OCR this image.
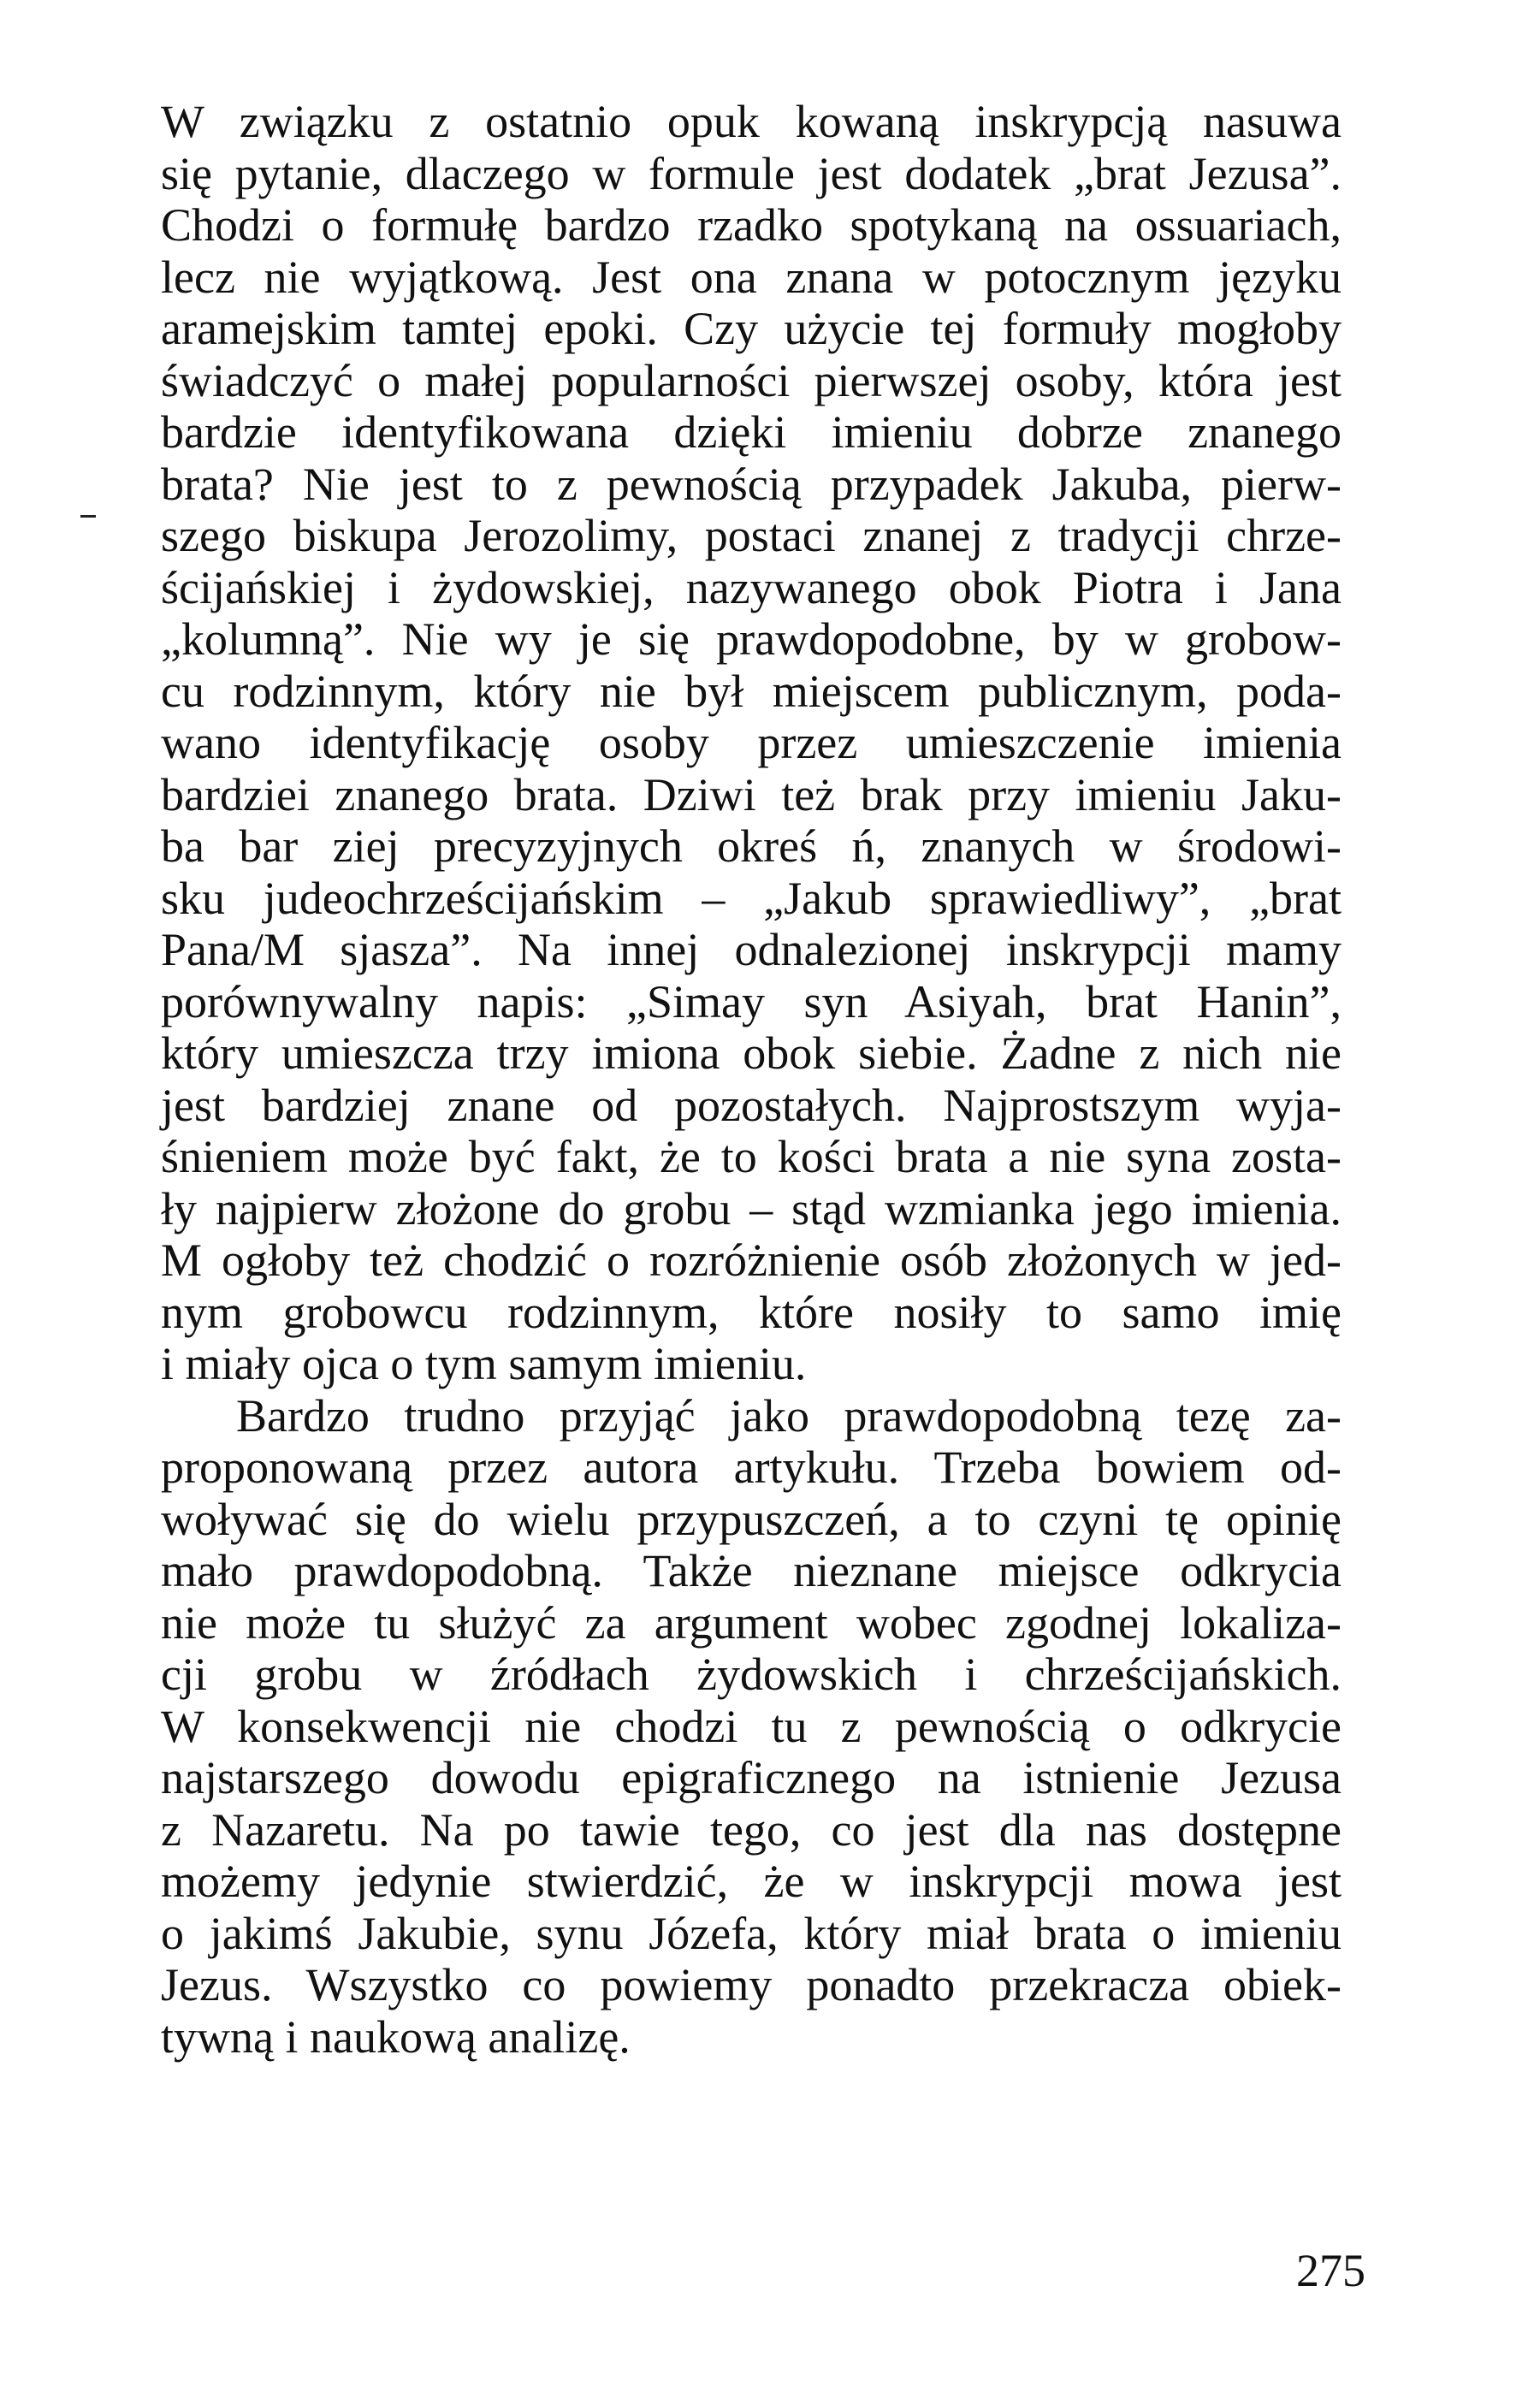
W związku z ostatnio opuk kowaną inskrypcją nasuwa
się pytanie, dlaczego w formule jest dodatek „brat Jezusa”.
Chodzi o formułę bardzo rzadko spotykaną na ossuariach,
lecz nie wyjątkową. Jest ona znana w potocznym języku
aramejskim tamtej epoki. Czy użycie tej formuły mogłoby
świadczyć o małej popularności pierwszej osoby, która jest
bardzie identyfikowana dzięki imieniu dobrze znanego
brata? Nie jest to z pewnością przypadek Jakuba, pierw-
szego biskupa Jerozolimy, postaci znanej z tradycji chrze-
ścijańskiej i żydowskiej, nazywanego obok Piotra i Jana
„kolumną”. Nie wy je się prawdopodobne, by w grobow-
cu rodzinnym, który nie był miejscem publicznym, poda-
wano identyfikację osoby przez umieszczenie imienia
bardziei znanego brata. Dziwi też brak przy imieniu Jaku-
ba bar ziej precyzyjnych okreś ń, znanych w środowi-
sku judeochrześcijańskim – „Jakub sprawiedliwy”, „brat
Pana/M sjasza”. Na innej odnalezionej inskrypcji mamy
porównywalny napis: „Simay syn Asiyah, brat Hanin”,
który umieszcza trzy imiona obok siebie. Żadne z nich nie
jest bardziej znane od pozostałych. Najprostszym wyja-
śnieniem może być fakt, że to kości brata a nie syna zosta-
ły najpierw złożone do grobu – stąd wzmianka jego imienia.
M ogłoby też chodzić o rozróżnienie osób złożonych w jed-
nym grobowcu rodzinnym, które nosiły to samo imię
i miały ojca o tym samym imieniu.
Bardzo trudno przyjąć jako prawdopodobną tezę za-
proponowaną przez autora artykułu. Trzeba bowiem od-
woływać się do wielu przypuszczeń, a to czyni tę opinię
mało prawdopodobną. Także nieznane miejsce odkrycia
nie może tu służyć za argument wobec zgodnej lokaliza-
cji grobu w źródłach żydowskich i chrześcijańskich.
W konsekwencji nie chodzi tu z pewnością o odkrycie
najstarszego dowodu epigraficznego na istnienie Jezusa
z Nazaretu. Na po tawie tego, co jest dla nas dostępne
możemy jedynie stwierdzić, że w inskrypcji mowa jest
o jakimś Jakubie, synu Józefa, który miał brata o imieniu
Jezus. Wszystko co powiemy ponadto przekracza obiek-
tywną i naukową analizę.
275
